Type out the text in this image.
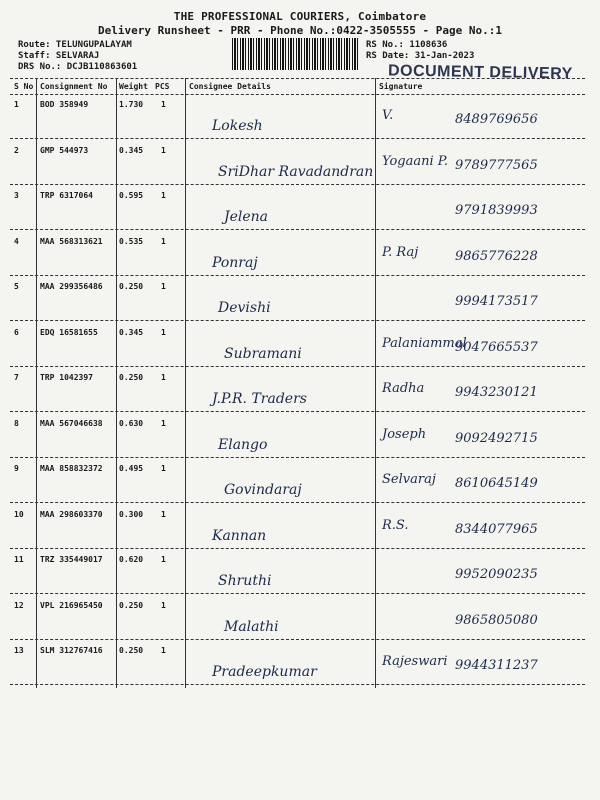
THE PROFESSIONAL COURIERS, Coimbatore
Delivery Runsheet - PRR - Phone No.:0422-3505555 - Page No.:1
Route: TELUNGUPALAYAM
Staff: SELVARAJ
DRS No.: DCJB110863601
RS No.: 1108636
RS Date: 31-Jan-2023
DOCUMENT DELIVERY
S No Consignment No Weight PCS Consignee Details	Signature
1	BOD 358949	1.730 1
Lokesh
V.	8489769656
2	GMP 544973	0.345 1
SriDhar Ravadandran
Yogaani P. 9789777565
3	TRP 6317064	0.595 1
Jelena	9791839993
4	MAA 568313621 0.535 1
Ponraj
P. Raj	9865776228
5	MAA 299356486 0.250 1
Devishi	9994173517
6	EDQ 16581655	0.345 1
Subramani
Palaniammal
9047665537
7	TRP 1042397	0.250 1
J.P.R. Traders
Radha 9943230121
8	MAA 567046638 0.630 1
Elango
Joseph 9092492715
9	MAA 858832372 0.495 1
Govindaraj
Selvaraj 8610645149
10 MAA 298603370 0.300 1
Kannan
R.S.	8344077965
11 TRZ 335449017 0.620 1
Shruthi	9952090235
12 VPL 216965450 0.250 1
Malathi	9865805080
13 SLM 312767416 0.250 1
Pradeepkumar
Rajeswari 9944311237
